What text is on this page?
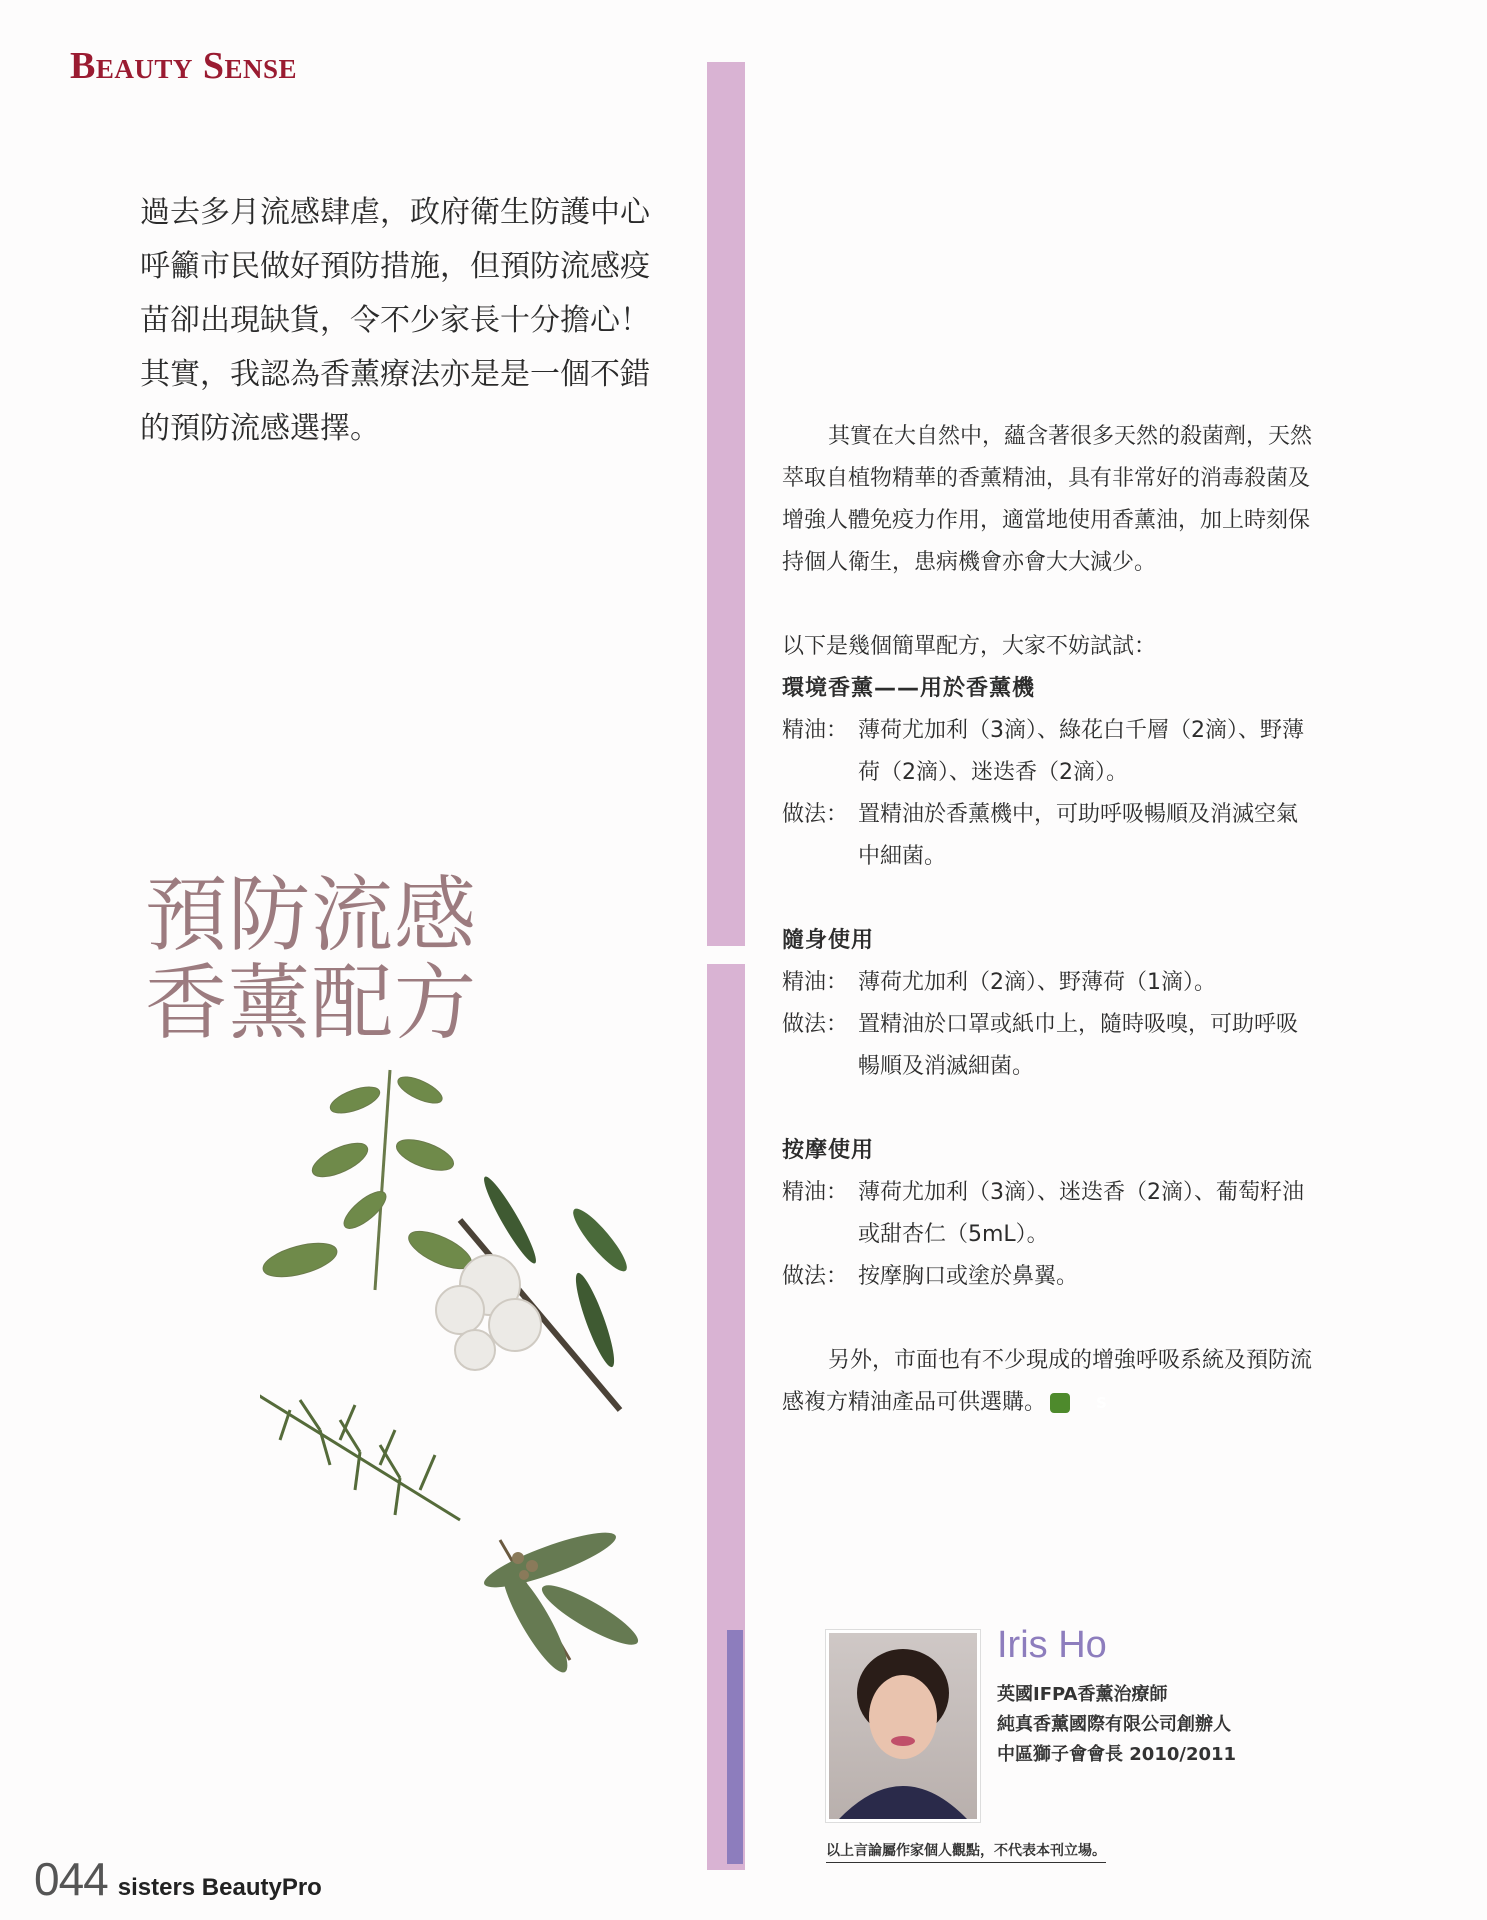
Beauty Sense

過去多月流感肆虐，政府衛生防護中心

呼籲市民做好預防措施，但預防流感疫

苗卻出現缺貨，令不少家長十分擔心！

其實，我認為香薰療法亦是是一個不錯

的預防流感選擇。

預防流感
香薰配方

其實在大自然中，蘊含著很多天然的殺菌劑，天然萃取自植物精華的香薰精油，具有非常好的消毒殺菌及增強人體免疫力作用，適當地使用香薰油，加上時刻保持個人衛生，患病機會亦會大大減少。

以下是幾個簡單配方，大家不妨試試：

環境香薰——用於香薰機

精油： 薄荷尤加利（3滴）、綠花白千層（2滴）、野薄荷（2滴）、迷迭香（2滴）。
做法： 置精油於香薰機中，可助呼吸暢順及消滅空氣中細菌。

隨身使用

精油： 薄荷尤加利（2滴）、野薄荷（1滴）。
做法： 置精油於口罩或紙巾上，隨時吸嗅，可助呼吸暢順及消滅細菌。

按摩使用

精油： 薄荷尤加利（3滴）、迷迭香（2滴）、葡萄籽油或甜杏仁（5mL）。
做法： 按摩胸口或塗於鼻翼。

另外，市面也有不少現成的增強呼吸系統及預防流感複方精油產品可供選購。	S

Iris Ho
英國IFPA香薰治療師
純真香薰國際有限公司創辦人
中區獅子會會長 2010/2011
以上言論屬作家個人觀點，不代表本刊立場。
044 sisters BeautyPro
